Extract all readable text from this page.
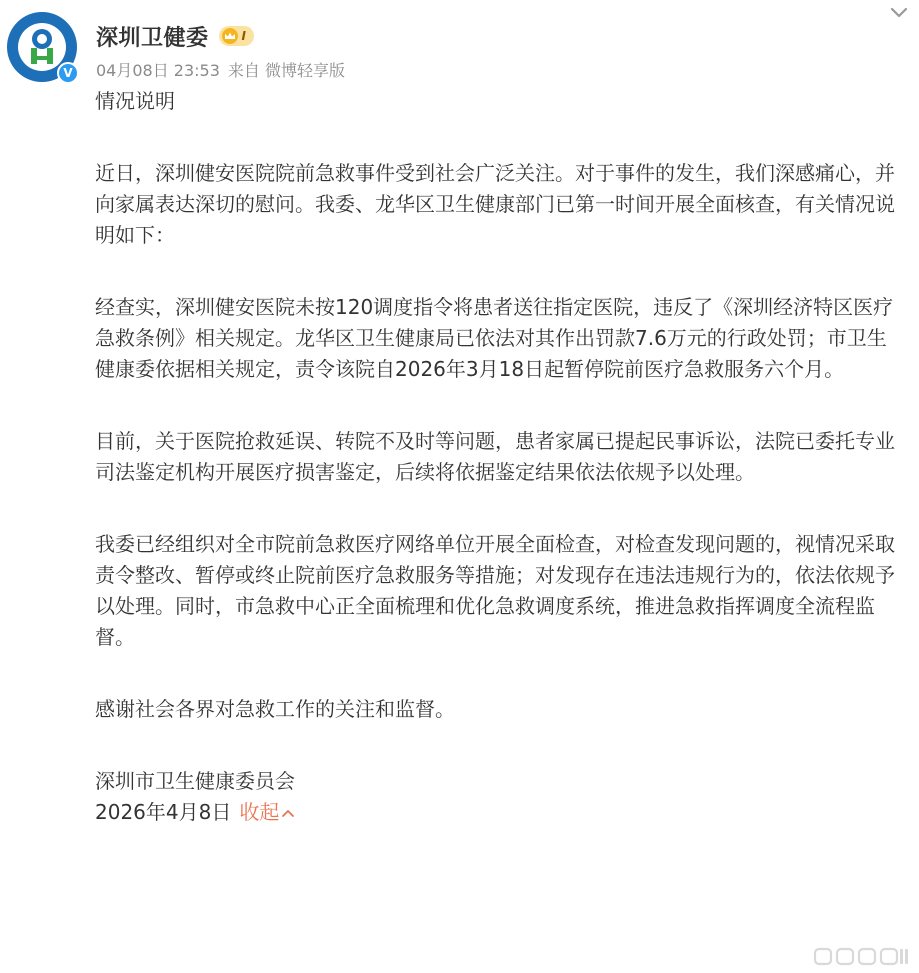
V
深圳卫健委	I
04月08日 23:53 来自 微博轻享版

情况说明

近日，深圳健安医院院前急救事件受到社会广泛关注。对于事件的发生，我们深感痛心，并向家属表达深切的慰问。我委、龙华区卫生健康部门已第一时间开展全面核查，有关情况说明如下：

经查实，深圳健安医院未按120调度指令将患者送往指定医院，违反了《深圳经济特区医疗急救条例》相关规定。龙华区卫生健康局已依法对其作出罚款7.6万元的行政处罚；市卫生健康委依据相关规定，责令该院自2026年3月18日起暂停院前医疗急救服务六个月。

目前，关于医院抢救延误、转院不及时等问题，患者家属已提起民事诉讼，法院已委托专业司法鉴定机构开展医疗损害鉴定，后续将依据鉴定结果依法依规予以处理。

我委已经组织对全市院前急救医疗网络单位开展全面检查，对检查发现问题的，视情况采取责令整改、暂停或终止院前医疗急救服务等措施；对发现存在违法违规行为的，依法依规予以处理。同时，市急救中心正全面梳理和优化急救调度系统，推进急救指挥调度全流程监督。

感谢社会各界对急救工作的关注和监督。

深圳市卫生健康委员会

2026年4月8日 收起
